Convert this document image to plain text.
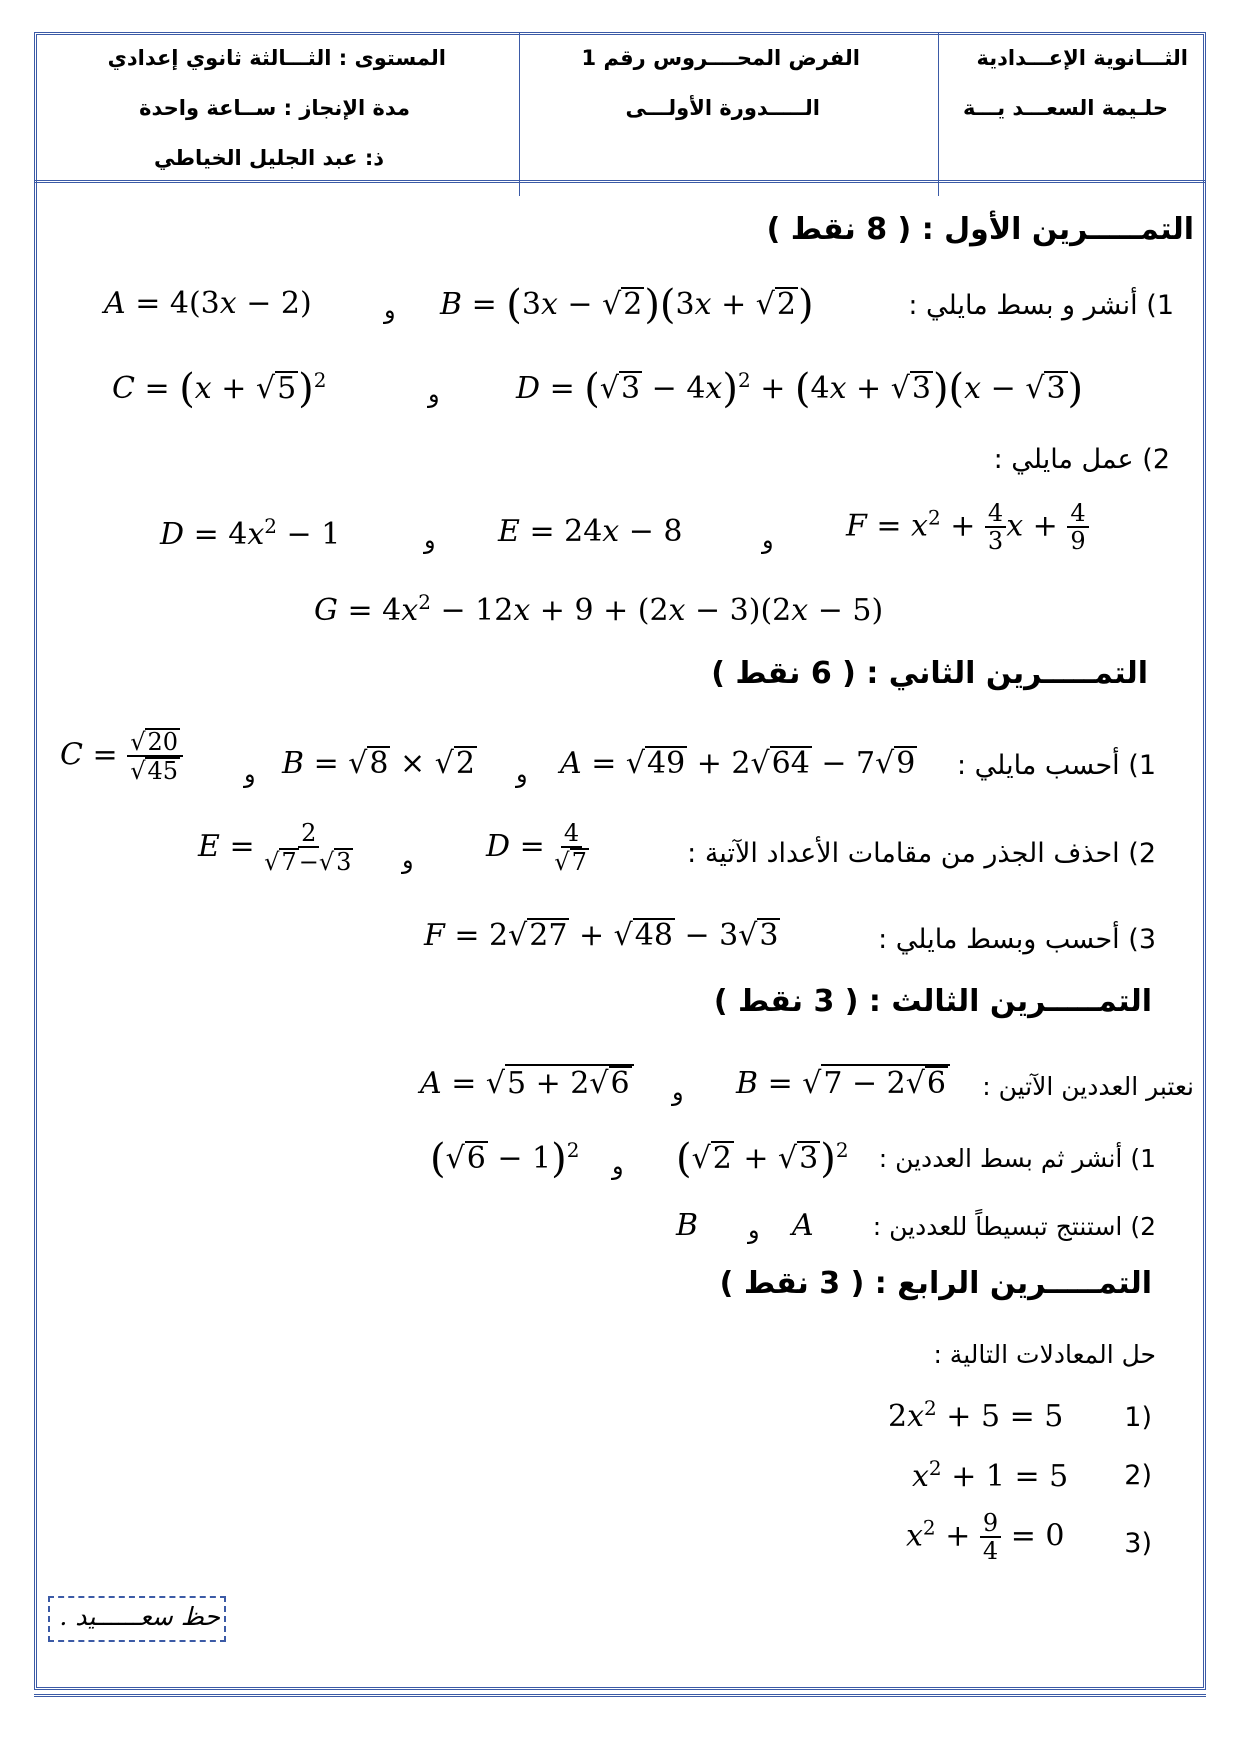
الثـــانوية الإعـــدادية
حلـيمة السعـــد يـــة
الفرض المحــــروس رقم 1
الـــــدورة الأولـــى
المستوى : الثـــالثة ثانوي إعدادي
مدة الإنجاز : ســاعة واحدة
ذ: عبد الجليل الخياطي
التمـــــرين الأول : ( 8 نقط )
1) أنشر و بسط مايلي :
A = 4(3x − 2)	و B = (3x − √ 2)(3x + √ 2)
C = (x + √ 5)$^2$	و	D = ( √ 3 − 4x)$^2$ + (4x + √ 3)(x − √ 3)
2) عمل مايلي :
$D = 4x^2 - 1$	و E = 24x − 8	و $F = x^2 + \frac{4}{3}$ $x + \frac{4}{9}$
$G = 4x^2 - 12x + 9 + (2x - 3)(2x - 5)$
التمـــــرين الثاني : ( 6 نقط )
1) أحسب مايلي :
C = √ 20
√ 45	و B = √ 8 × √ 2 و A = √ 49 + 2 √ 64 − 7 √ 9
2) احذف الجذر من مقامات الأعداد الآتية :
E = 2
√ 7− √ 3 و D = 4
√ 7
3) أحسب وبسط مايلي :
F = 2 √ 27 + √ 48 − 3 √ 3
التمـــــرين الثالث : ( 3 نقط )
نعتبر العددين الآتين :
A = √ 5 + 2 √ 6 و B = √ 7 − 2 √ 6
1) أنشر ثم بسط العددين :
( √ 6 − 1)$^2$
و ( √ 2 + √ 3)$^2$
2) استنتج تبسيطاً للعددين :
B و A
التمـــــرين الرابع : ( 3 نقط )
حل المعادلات التالية :
$2x^2 + 5 = 5$ (1
$x^2 + 1 = 5$ (2
$x^2 + \frac{9}{4} = 0$ (3
حظ سعــــــيد .
